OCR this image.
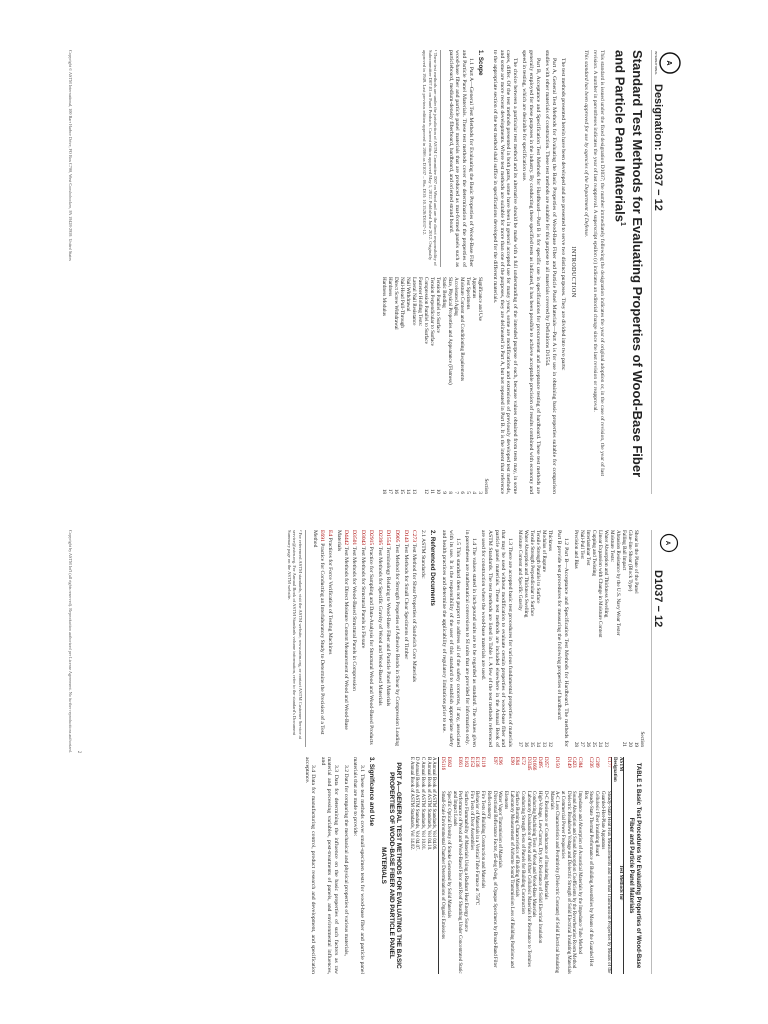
A
INTERNATIONAL
Designation: D1037 − 12
Standard Test Methods for Evaluating Properties of Wood-Base Fiber and Particle Panel Materials$^1$
This standard is issued under the fixed designation D1037; the number immediately following the designation indicates the year of original adoption or, in the case of revision, the year of last revision. A number in parentheses indicates the year of last reapproval. A superscript epsilon (ε) indicates an editorial change since the last revision or reapproval.
This standard has been approved for use by agencies of the Department of Defense.
INTRODUCTION

The test methods presented herein have been developed and are presented to serve two distinct purposes. They are divided into two parts:

Part A, General Test Methods for Evaluating the Basic Properties of Wood-Base Fiber and Particle Panel Materials—Part A is for use in obtaining basic properties suitable for comparison studies with other materials of construction. These test methods are suitable for this purpose to all materials covered by Definitions D1554.

Part B, Acceptance and Specification Test Methods for Hardboard—Part B is for specific use in specifications for procurement and acceptance testing of hardboard. These test methods are generally employed for these purposes in the industry. By conducting these specified tests as indicated, it has been possible to achieve acceptable precision of results combined with economy and speed in testing, which are desirable for specification use.

The choice between a particular test method and its alternative should be made with a full understanding of the intended purpose of each, because values obtained from tests may, in some cases, differ. Of the test methods presented in both parts, some have been in general accepted use for many years, some are modifications and extensions of previously developed test methods, and some are more recent developments. Where test methods are suitable for more than one of the purposes, they are delineated in Part A, but not repeated in Part B. It is the intent that reference to the appropriate section of the test method shall suffice in specifications developed for the different materials.

1. Scope

1.1 Part A—General Test Methods for Evaluating the Basic Properties of Wood-Base Fiber and Particle Panel Materials. These test methods cover the determination of the properties of wood-base fiber and particle panel materials that are produced as mat-formed panels such as particleboard, medium-density fiberboard, hardboard, and oriented strand board.

¹ These test methods are under the jurisdiction of ASTM Committee D07 on Wood and are the direct responsibility of Subcommittee D07.03 on Panel Products. Current edition approved May 1, 2012. Published June 2012. Originally approved in 1949. Last previous edition approved in 2006 as D1037 – 06a. DOI: 10.1520/D1037-12.
Section
Significance and Use
3
Apparatus
4
Test Specimens
5
Moisture Content and Conditioning Requirements
6
Accelerated Aging
7
Size, Physical Properties and Appearance (Flatness)
8
Static Bending
9
Tension Parallel to Surface
10
Tension Perpendicular to Surface
11
Compression Parallel to Surface
12
Fastener Holding Tests:
Lateral Nail Resistance
13
Nail Withdrawal
14
Nail-Head Pull-Through
15
Direct Screw Withdrawal
16
Hardness
17
Hardness Modulus
18
Copyright © ASTM International, 100 Barr Harbor Drive, PO Box C700, West Conshohocken, PA 19428-2959. United States
A
D1037 − 12
Section
Shear in the Plane of the Panel
19
Glue-line Shear (Block Type)
20
Falling Ball Impact
21
Abrasion Resistance by the U.S. Navy Wear Tester
Moisture Tests:
Water Absorption and Thickness Swelling
23
Linear Expansion with Change in Moisture Content
24
Cupping and Twisting
25
Interlaminar Test
26
Nail-Pull Test
27
Precision and Bias
28

1.2 Part B—Acceptance and Specification Test Methods for Hardboard. The methods for Part B provide test procedures for measuring the following properties of hardboard:

Thickness
32
Modulus of Rupture
33
Tensile Strength Parallel to Surface
34
Tensile Strength Perpendicular to Surface
35
Water Absorption and Thickness Swelling
36
Moisture Content and Specific Gravity
37

1.3 There are accepted basic test procedures for various fundamental properties of materials that may be used without modification to evaluate certain properties of wood-base fiber and particle panel materials. These test methods are included elsewhere in the Annual Book of ASTM Standards. The test methods are listed in Table 1. A few of the test methods referenced are used for construction where the wood-base materials are used.

1.4 The values stated in inch-pound units are to be regarded as standard. The values given in parentheses are mathematical conversions to SI units that are provided for information only.

1.5 This standard does not purport to address all of the safety concerns, if any, associated with its use. It is the responsibility of the user of this standard to establish appropriate safety and health practices and determine the applicability of regulatory limitations prior to use.

2. Referenced Documents
2.1 ASTM Standards:
C273 Test Method for Shear Properties of Sandwich Core Materials
D143 Test Methods for Small Clear Specimens of Timber
D905 Test Method for Strength Properties of Adhesive Bonds in Shear by Compression Loading
D1554 Terminology Relating to Wood-Base Fiber and Particle Panel Materials
D2395 Test Methods for Specific Gravity of Wood and Wood-Based Materials
D2915 Practice for Sampling and Data-Analysis for Structural Wood and Wood-Based Products
D3043 Test Methods for Structural Panels in Flexure
D3501 Test Methods for Wood-Based Structural Panels in Compression
D4442 Test Methods for Direct Moisture Content Measurement of Wood and Wood-Base Materials
E4 Practices for Force Verification of Testing Machines
E691 Practice for Conducting an Interlaboratory Study to Determine the Precision of a Test Method
² For referenced ASTM standards, visit the ASTM website, www.astm.org, or contact ASTM Customer Service at service@astm.org. For Annual Book of ASTM Standards volume information, refer to the standard's Document Summary page on the ASTM website.
TABLE 1 Basic Test Procedures for Evaluating Properties of Wood-Base Fiber and Particle Panel Materials
ASTM Designation
Test Methods for
C177
Steady-State Heat Flux Measurements and Thermal Transmission Properties by Means of the Guarded-Hot-Plate Apparatus
C209
Cellulosic Fiber Insulating Board
C236
Steady-State Thermal Performance of Building Assemblies by Means of the Guarded Hot Box
C384
Impedance and Absorption of Acoustical Materials by the Impedance Tube Method
C423
Sound Absorption and Sound Absorption Coefficients by the Reverberation Room Method
D149
Dielectric Breakdown Voltage and Dielectric Strength of Solid Electrical Insulating Materials at Commercial Power Frequencies
D150
A-C Loss Characteristics and Permittivity (Dielectric Constant) of Solid Electrical Insulating Materials
D257
D-C Resistance or Conductance of Insulating Materials
D495
High-Voltage, Low-Current, Dry Arc Resistance of Solid Electrical Insulation
D1666
Conducting Machining Tests of Wood and Wood-Base Materials
D3345
Laboratory Evaluation of Wood and Other Cellulosic Materials for Resistance to Termites
E72
Conducting Strength Tests of Panels for Building Construction
E84
Surface Burning Characteristics of Building Materials
E90
Laboratory Measurement of Airborne Sound Transmission Loss of Building Partitions and Elements
E96
Water Vapor Transmission of Materials
E97
Directional Reflectance Factor, 45-deg 0-deg, of Opaque Specimens by Broad-Band Filter Reflectometry
E119
Fire Tests of Building Construction and Materials
E136
Behavior of Materials in a Vertical Tube Furnace at 750°C
E152
Fire Tests of Door Assemblies
E162
Surface Flammability of Materials Using a Radiant Heat Energy Source
E661
Performance of Wood and Wood-Based Floor and Roof Sheathing Under Concentrated Static and Impact Loads
E662
Specific Optical Density of Smoke Generated by Solid Materials
D5116
Small-Scale Environmental Chamber Determinations of Organic Emissions
A Annual Book of ASTM Standards, Vol 04.06.
B Annual Book of ASTM Standards, Vol 04.10.
C Annual Book of ASTM Standards, Vol 10.01.
D Annual Book of ASTM Standards, Vol 04.07.
E Annual Book of ASTM Standards, Vol 14.02.
PART A—GENERAL TEST METHODS FOR EVALUATING THE BASIC PROPERTIES OF WOOD-BASE FIBER AND PARTICLE PANEL MATERIALS
3. Significance and Use

3.1 These test methods cover small-specimen tests for wood-base fiber and particle panel materials that are made to provide:

3.2 Data for comparing the mechanical and physical properties of various materials,

3.3 Data for determining the influence on the basic properties of such factors as raw material and processing variables, post-treatments of panels, and environmental influences, and

3.4 Data for manufacturing control, product research and development, and specification acceptance.

2
Copyright by ASTM Int'l (all rights reserved). Reproduction authorized per License Agreement. No further reproductions authorized.
